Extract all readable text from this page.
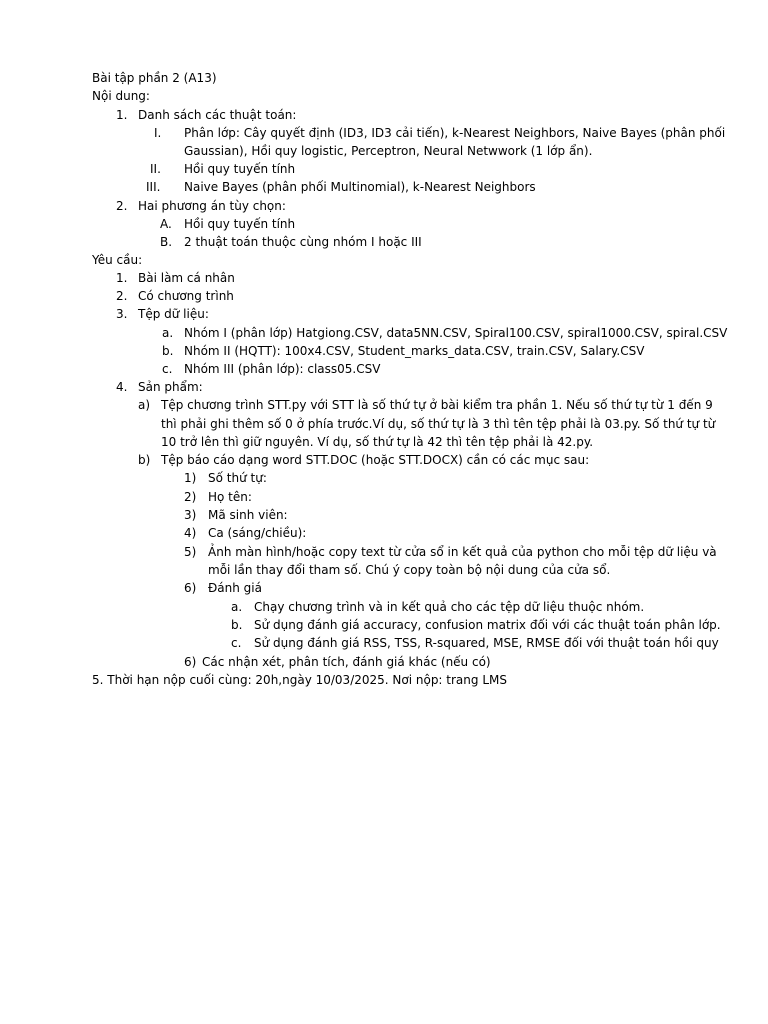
Bài tập phần 2 (A13)
Nội dung:
1. Danh sách các thuật toán:
I. Phân lớp: Cây quyết định (ID3, ID3 cải tiến), k-Nearest Neighbors, Naive Bayes (phân phối
Gaussian), Hồi quy logistic, Perceptron, Neural Netwwork (1 lớp ẩn).
II. Hồi quy tuyến tính
III. Naive Bayes (phân phối Multinomial), k-Nearest Neighbors
2. Hai phương án tùy chọn:
A. Hồi quy tuyến tính
B. 2 thuật toán thuộc cùng nhóm I hoặc III
Yêu cầu:
1. Bài làm cá nhân
2. Có chương trình
3. Tệp dữ liệu:
a. Nhóm I (phân lớp) Hatgiong.CSV, data5NN.CSV, Spiral100.CSV, spiral1000.CSV, spiral.CSV
b. Nhóm II (HQTT): 100x4.CSV, Student_marks_data.CSV, train.CSV, Salary.CSV
c. Nhóm III (phân lớp): class05.CSV
4. Sản phẩm:
a) Tệp chương trình STT.py với STT là số thứ tự ở bài kiểm tra phần 1. Nếu số thứ tự từ 1 đến 9
thì phải ghi thêm số 0 ở phía trước.Ví dụ, số thứ tự là 3 thì tên tệp phải là 03.py. Số thứ tự từ
10 trở lên thì giữ nguyên. Ví dụ, số thứ tự là 42 thì tên tệp phải là 42.py.
b) Tệp báo cáo dạng word STT.DOC (hoặc STT.DOCX) cần có các mục sau:
1) Số thứ tự:
2) Họ tên:
3) Mã sinh viên:
4) Ca (sáng/chiều):
5) Ảnh màn hình/hoặc copy text từ cửa sổ in kết quả của python cho mỗi tệp dữ liệu và
mỗi lần thay đổi tham số. Chú ý copy toàn bộ nội dung của cửa sổ.
6) Đánh giá
a. Chạy chương trình và in kết quả cho các tệp dữ liệu thuộc nhóm.
b. Sử dụng đánh giá accuracy, confusion matrix đối với các thuật toán phân lớp.
c. Sử dụng đánh giá RSS, TSS, R-squared, MSE, RMSE đối với thuật toán hồi quy
6) Các nhận xét, phân tích, đánh giá khác (nếu có)
5. Thời hạn nộp cuối cùng: 20h,ngày 10/03/2025. Nơi nộp: trang LMS
